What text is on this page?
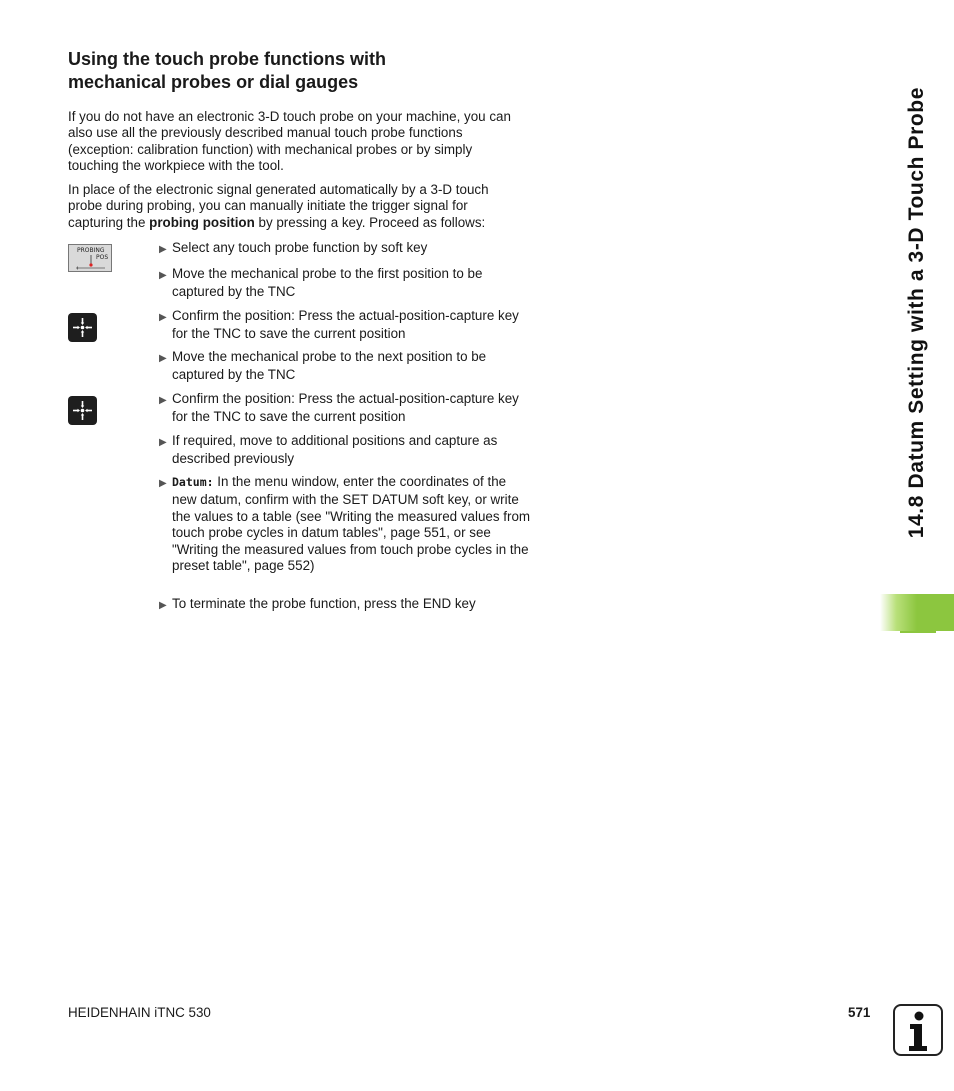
Using the touch probe functions with
mechanical probes or dial gauges

If you do not have an electronic 3-D touch probe on your machine, you can also use all the previously described manual touch probe functions (exception: calibration function) with mechanical probes or by simply touching the workpiece with the tool.

In place of the electronic signal generated automatically by a 3-D touch probe during probing, you can manually initiate the trigger signal for capturing the probing position by pressing a key. Proceed as follows:

PROBING
POS
▶ Select any touch probe function by soft key
▶ Move the mechanical probe to the first position to be captured by the TNC
▶ Confirm the position: Press the actual-position-capture key for the TNC to save the current position
▶ Move the mechanical probe to the next position to be captured by the TNC
▶ Confirm the position: Press the actual-position-capture key for the TNC to save the current position
▶ If required, move to additional positions and capture as described previously
▶ Datum: In the menu window, enter the coordinates of the new datum, confirm with the SET DATUM soft key, or write the values to a table (see "Writing the measured values from touch probe cycles in datum tables", page 551, or see "Writing the measured values from touch probe cycles in the preset table", page 552)
▶ To terminate the probe function, press the END key
14.8 Datum Setting with a 3-D Touch Probe
HEIDENHAIN iTNC 530	571
